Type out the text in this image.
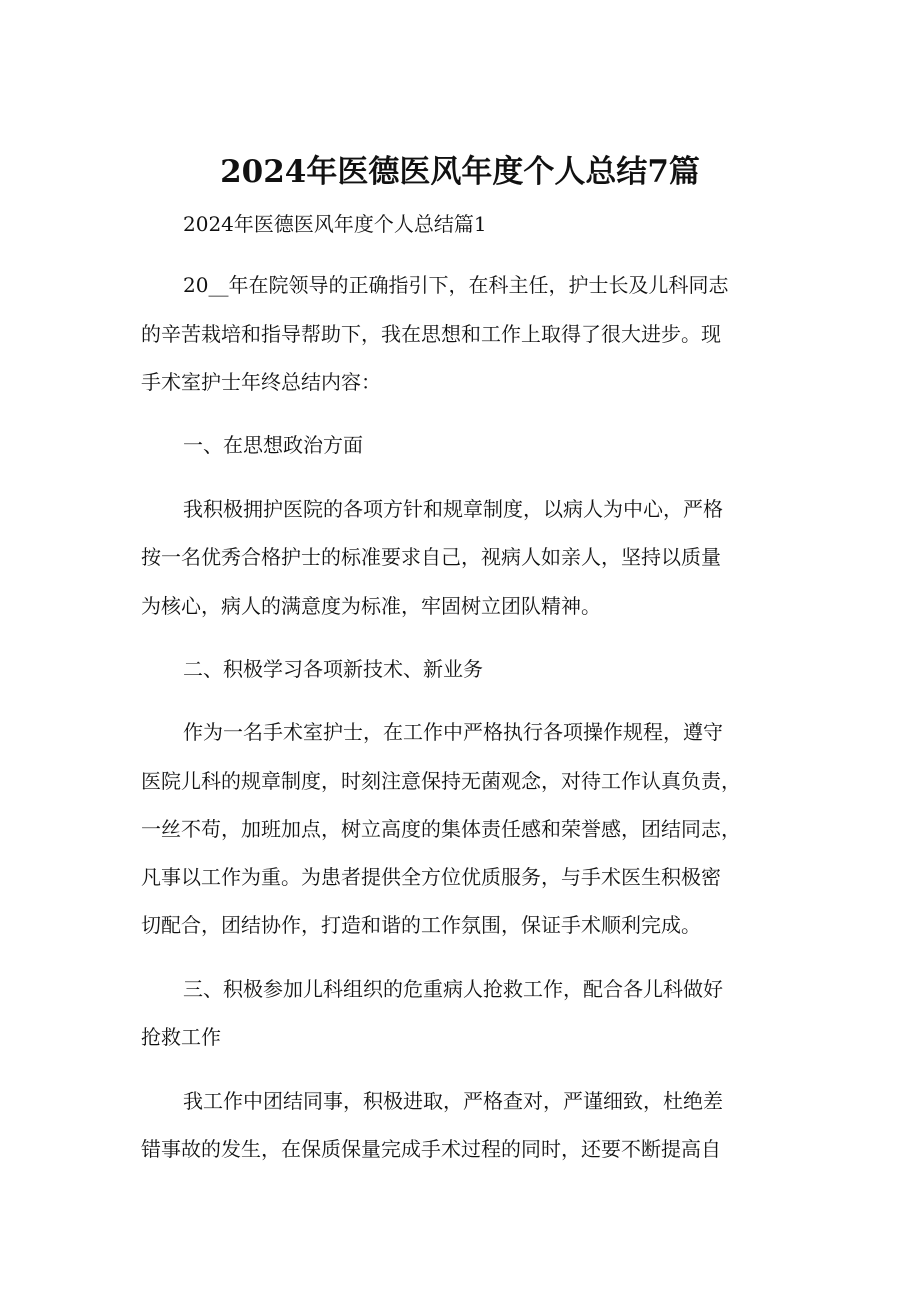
2024年医德医风年度个人总结7篇
2024年医德医风年度个人总结篇1
20__年在院领导的正确指引下，在科主任，护士长及儿科同志
的辛苦栽培和指导帮助下，我在思想和工作上取得了很大进步。现
手术室护士年终总结内容：
一、在思想政治方面
我积极拥护医院的各项方针和规章制度，以病人为中心，严格
按一名优秀合格护士的标准要求自己，视病人如亲人，坚持以质量
为核心，病人的满意度为标准，牢固树立团队精神。
二、积极学习各项新技术、新业务
作为一名手术室护士，在工作中严格执行各项操作规程，遵守
医院儿科的规章制度，时刻注意保持无菌观念，对待工作认真负责，
一丝不苟，加班加点，树立高度的集体责任感和荣誉感，团结同志，
凡事以工作为重。为患者提供全方位优质服务，与手术医生积极密
切配合，团结协作，打造和谐的工作氛围，保证手术顺利完成。
三、积极参加儿科组织的危重病人抢救工作，配合各儿科做好
抢救工作
我工作中团结同事，积极进取，严格查对，严谨细致，杜绝差
错事故的发生，在保质保量完成手术过程的同时，还要不断提高自
